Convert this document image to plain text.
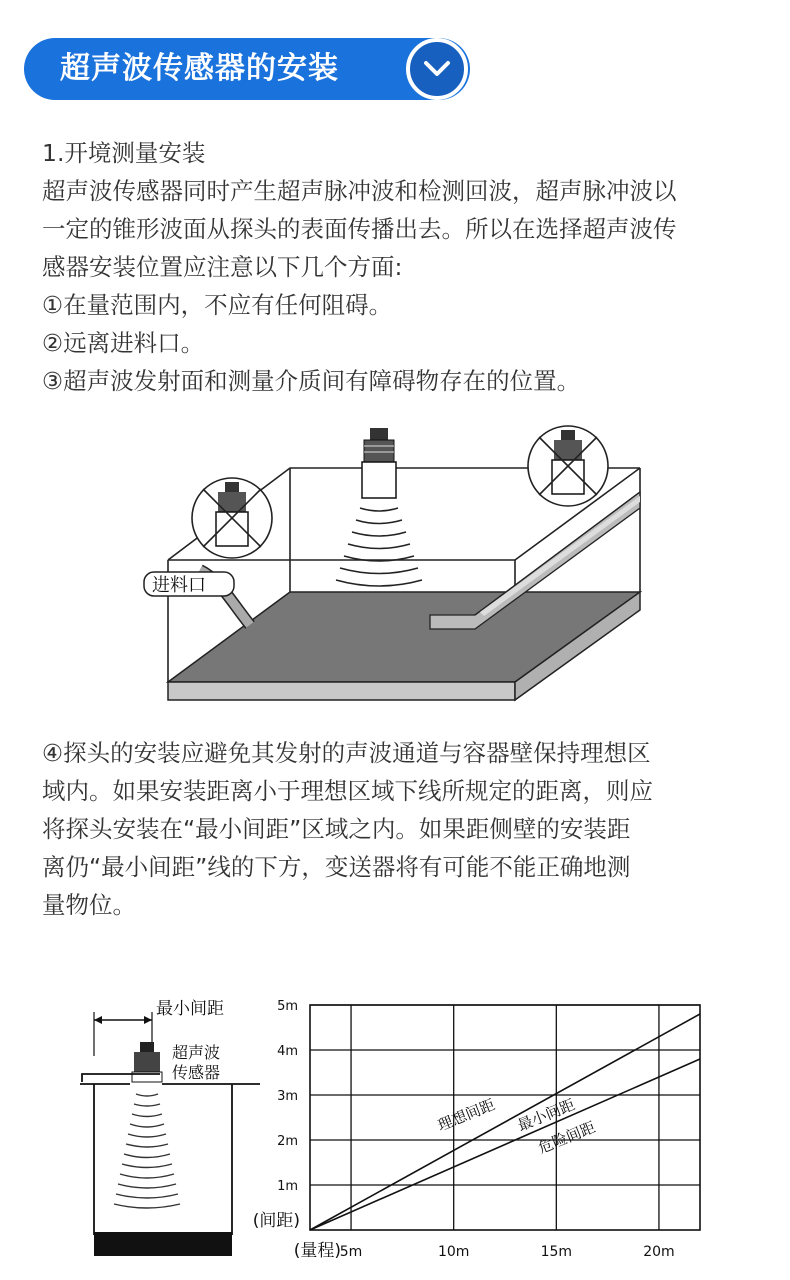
超声波传感器的安装
1.开境测量安装
超声波传感器同时产生超声脉冲波和检测回波，超声脉冲波以
一定的锥形波面从探头的表面传播出去。所以在选择超声波传
感器安装位置应注意以下几个方面:
①在量范围内，不应有任何阻碍。
②远离进料口。
③超声波发射面和测量介质间有障碍物存在的位置。
进料口
④探头的安装应避免其发射的声波通道与容器壁保持理想区
域内。如果安装距离小于理想区域下线所规定的距离，则应
将探头安装在“最小间距”区域之内。如果距侧壁的安装距
离仍“最小间距”线的下方，变送器将有可能不能正确地测
量物位。
最小间距
超声波
传感器
5m	10m	15m	20m
5m
4m
3m
2m
1m
(间距)
(量程)
理想间距 最小间距
危险间距
